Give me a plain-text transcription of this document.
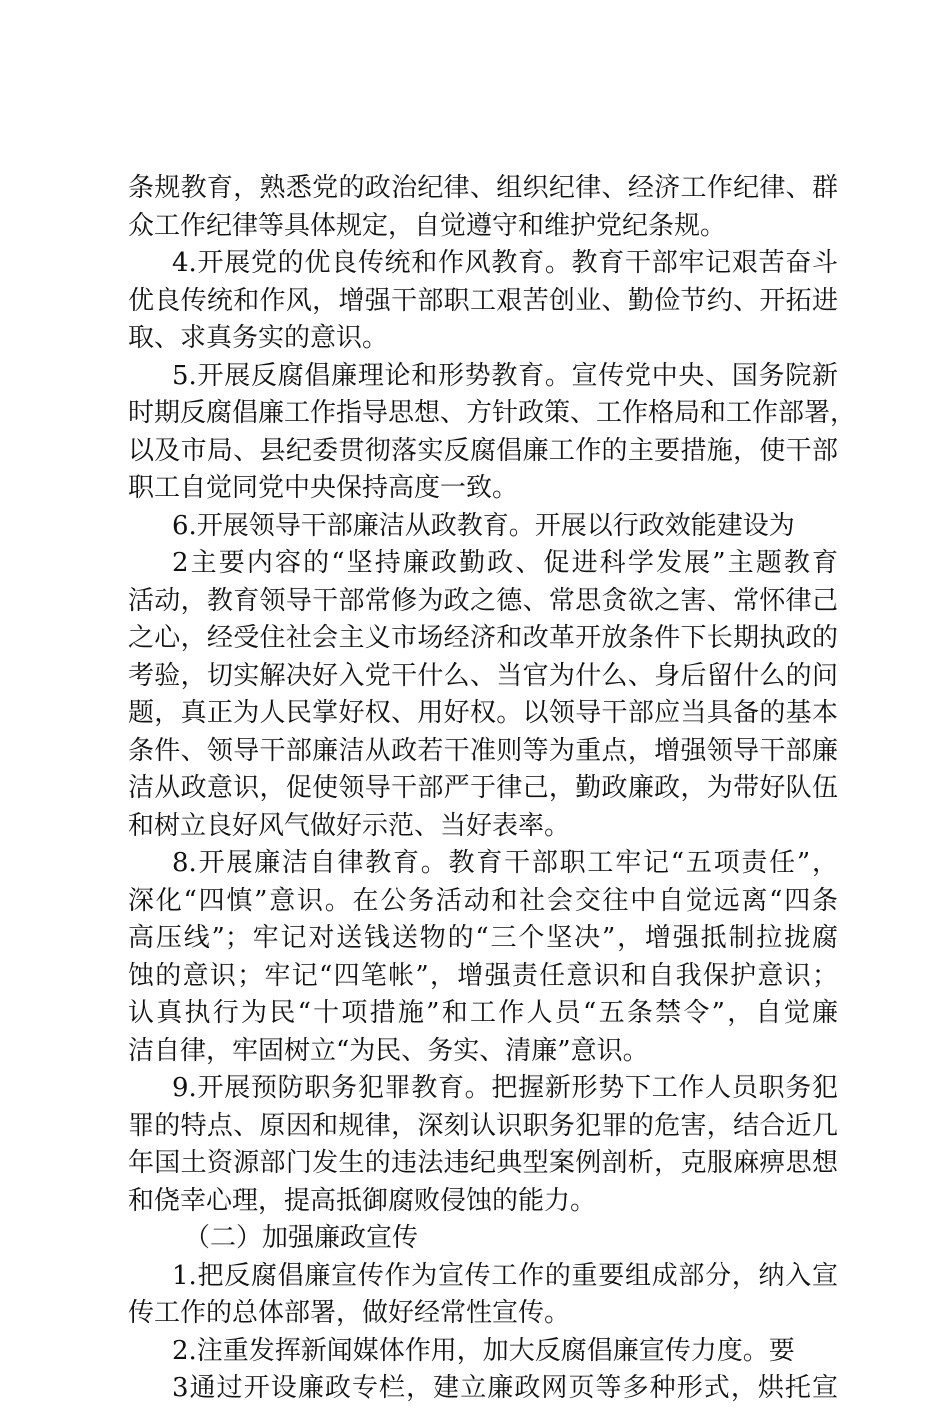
条规教育，熟悉党的政治纪律、组织纪律、经济工作纪律、群
众工作纪律等具体规定，自觉遵守和维护党纪条规。
4.开展党的优良传统和作风教育。教育干部牢记艰苦奋斗
优良传统和作风，增强干部职工艰苦创业、勤俭节约、开拓进
取、求真务实的意识。
5.开展反腐倡廉理论和形势教育。宣传党中央、国务院新
时期反腐倡廉工作指导思想、方针政策、工作格局和工作部署，
以及市局、县纪委贯彻落实反腐倡廉工作的主要措施，使干部
职工自觉同党中央保持高度一致。
6.开展领导干部廉洁从政教育。开展以行政效能建设为
2主要内容的“坚持廉政勤政、促进科学发展”主题教育
活动，教育领导干部常修为政之德、常思贪欲之害、常怀律己
之心，经受住社会主义市场经济和改革开放条件下长期执政的
考验，切实解决好入党干什么、当官为什么、身后留什么的问
题，真正为人民掌好权、用好权。以领导干部应当具备的基本
条件、领导干部廉洁从政若干准则等为重点，增强领导干部廉
洁从政意识，促使领导干部严于律己，勤政廉政，为带好队伍
和树立良好风气做好示范、当好表率。
8.开展廉洁自律教育。教育干部职工牢记“五项责任”，
深化“四慎”意识。在公务活动和社会交往中自觉远离“四条
高压线”；牢记对送钱送物的“三个坚决”，增强抵制拉拢腐
蚀的意识；牢记“四笔帐”，增强责任意识和自我保护意识；
认真执行为民“十项措施”和工作人员“五条禁令”，自觉廉
洁自律，牢固树立“为民、务实、清廉”意识。
9.开展预防职务犯罪教育。把握新形势下工作人员职务犯
罪的特点、原因和规律，深刻认识职务犯罪的危害，结合近几
年国土资源部门发生的违法违纪典型案例剖析，克服麻痹思想
和侥幸心理，提高抵御腐败侵蚀的能力。
（二）加强廉政宣传
1.把反腐倡廉宣传作为宣传工作的重要组成部分，纳入宣
传工作的总体部署，做好经常性宣传。
2.注重发挥新闻媒体作用，加大反腐倡廉宣传力度。要
3通过开设廉政专栏，建立廉政网页等多种形式，烘托宣
